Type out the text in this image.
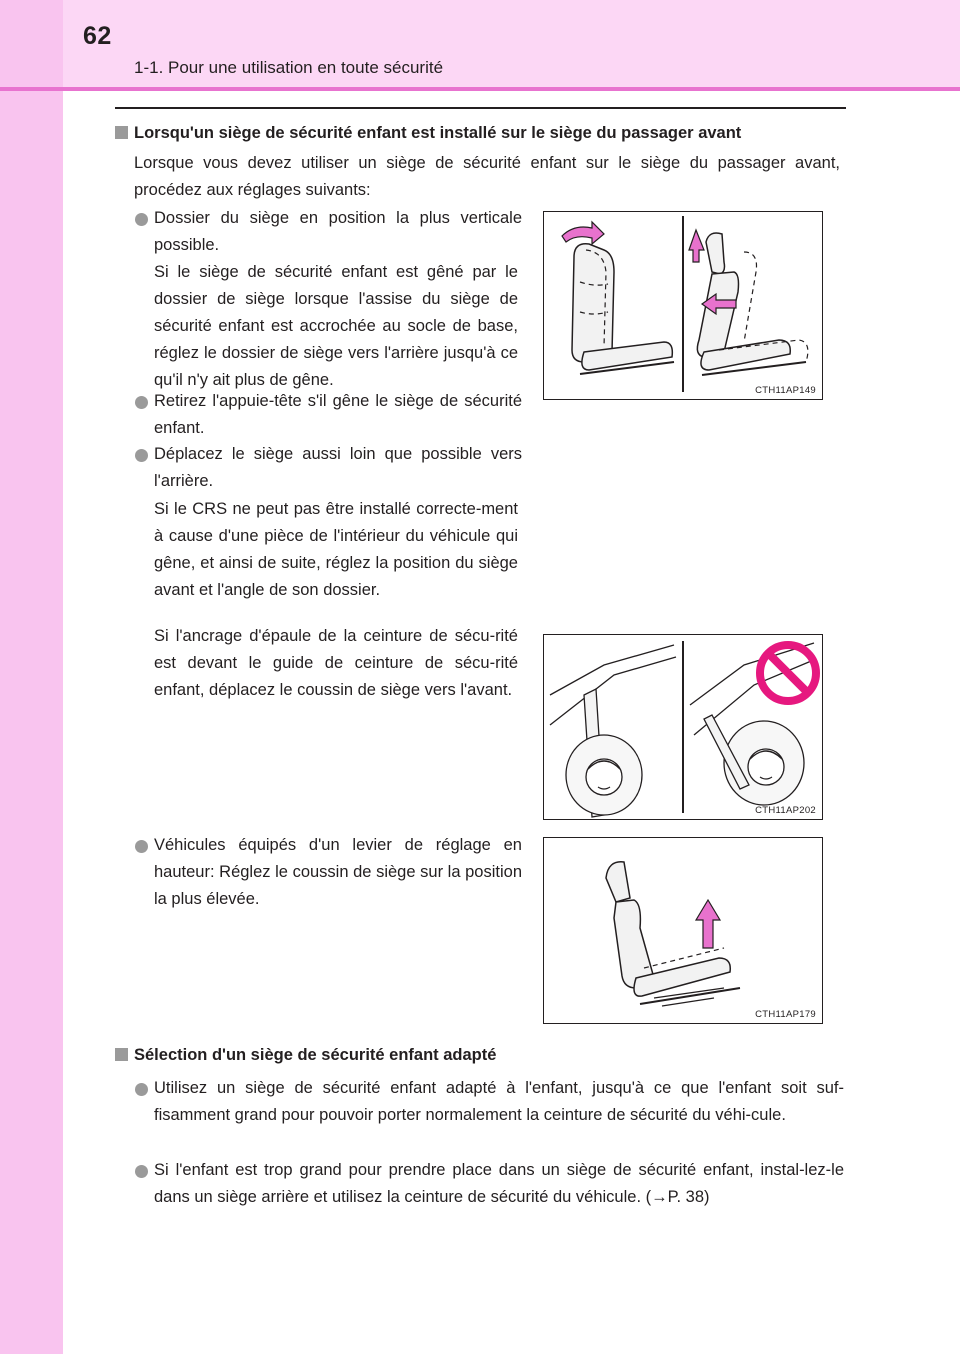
62
1-1. Pour une utilisation en toute sécurité
Lorsqu'un siège de sécurité enfant est installé sur le siège du passager avant
Lorsque vous devez utiliser un siège de sécurité enfant sur le siège du passager avant, procédez aux réglages suivants:
Dossier du siège en position la plus verticale possible.
Si le siège de sécurité enfant est gêné par le dossier de siège lorsque l'assise du siège de sécurité enfant est accrochée au socle de base, réglez le dossier de siège vers l'arrière jusqu'à ce qu'il n'y ait plus de gêne.
Retirez l'appuie-tête s'il gêne le siège de sécurité enfant.
Déplacez le siège aussi loin que possible vers l'arrière.
Si le CRS ne peut pas être installé correcte-ment à cause d'une pièce de l'intérieur du véhicule qui gêne, et ainsi de suite, réglez la position du siège avant et l'angle de son dossier.
Si l'ancrage d'épaule de la ceinture de sécu-rité est devant le guide de ceinture de sécu-rité enfant, déplacez le coussin de siège vers l'avant.
Véhicules équipés d'un levier de réglage en hauteur: Réglez le coussin de siège sur la position la plus élevée.
CTH11AP149
CTH11AP202
CTH11AP179
Sélection d'un siège de sécurité enfant adapté
Utilisez un siège de sécurité enfant adapté à l'enfant, jusqu'à ce que l'enfant soit suf-fisamment grand pour pouvoir porter normalement la ceinture de sécurité du véhi-cule.
Si l'enfant est trop grand pour prendre place dans un siège de sécurité enfant, instal-lez-le dans un siège arrière et utilisez la ceinture de sécurité du véhicule. (→P. 38)
